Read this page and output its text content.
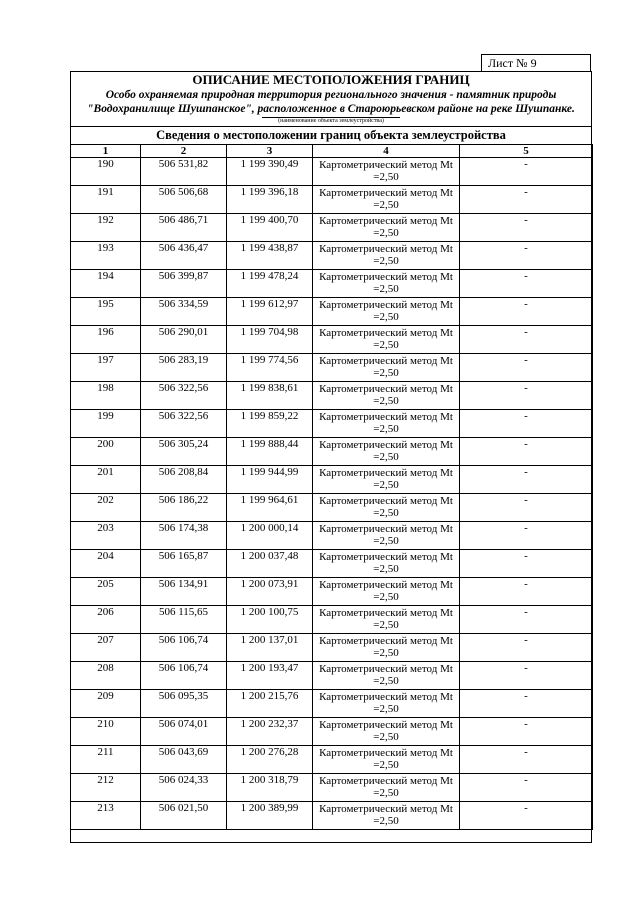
Лист № 9
ОПИСАНИЕ МЕСТОПОЛОЖЕНИЯ ГРАНИЦ
Особо охраняемая природная территория регионального значения - памятник природы
"Водохранилище Шушпанское", расположенное в Староюрьевском районе на реке Шушпанке.
(наименование объекта землеустройства)
Сведения о местоположении границ объекта землеустройства
1	2	3	4	5
190	506 531,82	1 199 390,49	Картометрический метод Mt
=2,50	-
191	506 506,68	1 199 396,18	Картометрический метод Mt
=2,50	-
192	506 486,71	1 199 400,70	Картометрический метод Mt
=2,50	-
193	506 436,47	1 199 438,87	Картометрический метод Mt
=2,50	-
194	506 399,87	1 199 478,24	Картометрический метод Mt
=2,50	-
195	506 334,59	1 199 612,97	Картометрический метод Mt
=2,50	-
196	506 290,01	1 199 704,98	Картометрический метод Mt
=2,50	-
197	506 283,19	1 199 774,56	Картометрический метод Mt
=2,50	-
198	506 322,56	1 199 838,61	Картометрический метод Mt
=2,50	-
199	506 322,56	1 199 859,22	Картометрический метод Mt
=2,50	-
200	506 305,24	1 199 888,44	Картометрический метод Mt
=2,50	-
201	506 208,84	1 199 944,99	Картометрический метод Mt
=2,50	-
202	506 186,22	1 199 964,61	Картометрический метод Mt
=2,50	-
203	506 174,38	1 200 000,14	Картометрический метод Mt
=2,50	-
204	506 165,87	1 200 037,48	Картометрический метод Mt
=2,50	-
205	506 134,91	1 200 073,91	Картометрический метод Mt
=2,50	-
206	506 115,65	1 200 100,75	Картометрический метод Mt
=2,50	-
207	506 106,74	1 200 137,01	Картометрический метод Mt
=2,50	-
208	506 106,74	1 200 193,47	Картометрический метод Mt
=2,50	-
209	506 095,35	1 200 215,76	Картометрический метод Mt
=2,50	-
210	506 074,01	1 200 232,37	Картометрический метод Mt
=2,50	-
211	506 043,69	1 200 276,28	Картометрический метод Mt
=2,50	-
212	506 024,33	1 200 318,79	Картометрический метод Mt
=2,50	-
213	506 021,50	1 200 389,99	Картометрический метод Mt
=2,50	-
